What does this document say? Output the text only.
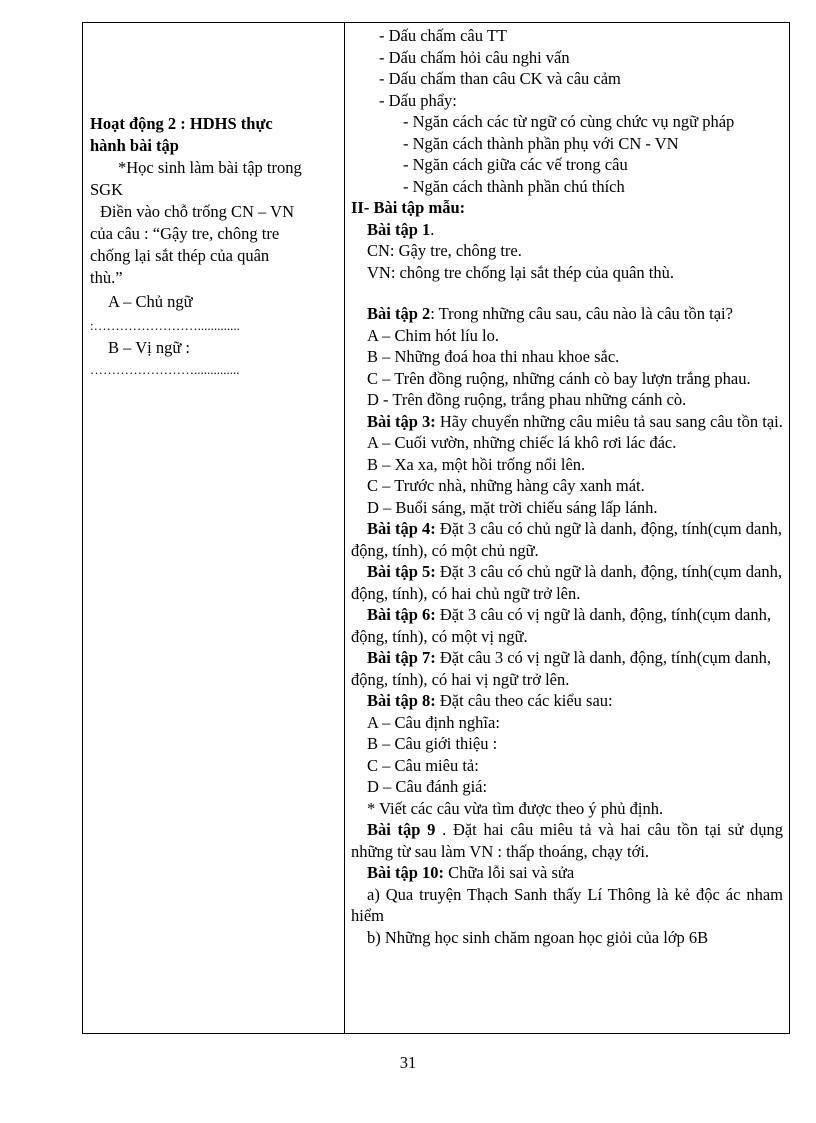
Hoạt động 2 : HDHS thực

hành bài tập

*Học sinh làm bài tập trong

SGK

Điền vào chỗ trống CN – VN

của câu : “Gậy tre, chông tre

chống lại sắt thép của quân

thù.”

A – Chủ ngữ

:…………………….............

B – Vị ngữ :

……………………..............

- Dấu chấm câu TT

- Dấu chấm hỏi câu nghi vấn

- Dấu chấm than câu CK và câu cảm

- Dấu phẩy:

- Ngăn cách các từ ngữ có cùng chức vụ ngữ pháp

- Ngăn cách thành phần phụ với CN - VN

- Ngăn cách giữa các vế trong câu

- Ngăn cách thành phần chú thích

II- Bài tập mẫu:

Bài tập 1.

CN: Gậy tre, chông tre.

VN: chông tre chống lại sắt thép của quân thù.

Bài tập 2: Trong những câu sau, câu nào là câu tồn tại?

A – Chim hót líu lo.

B – Những đoá hoa thi nhau khoe sắc.

C – Trên đồng ruộng, những cánh cò bay lượn trắng phau.

D - Trên đồng ruộng, trắng phau những cánh cò.

Bài tập 3: Hãy chuyển những câu miêu tả sau sang câu tồn tại.

A – Cuối vườn, những chiếc lá khô rơi lác đác.

B – Xa xa, một hồi trống nổi lên.

C – Trước nhà, những hàng cây xanh mát.

D – Buổi sáng, mặt trời chiếu sáng lấp lánh.

Bài tập 4: Đặt 3 câu có chủ ngữ là danh, động, tính(cụm danh, động, tính), có một chủ ngữ.

Bài tập 5: Đặt 3 câu có chủ ngữ là danh, động, tính(cụm danh, động, tính), có hai chủ ngữ trở lên.

Bài tập 6: Đặt 3 câu có vị ngữ là danh, động, tính(cụm danh, động, tính), có một vị ngữ.

Bài tập 7: Đặt câu 3 có vị ngữ là danh, động, tính(cụm danh, động, tính), có hai vị ngữ trở lên.

Bài tập 8: Đặt câu theo các kiểu sau:

A – Câu định nghĩa:

B – Câu giới thiệu :

C – Câu miêu tả:

D – Câu đánh giá:

* Viết các câu vừa tìm được theo ý phủ định.

Bài tập 9 . Đặt hai câu miêu tả và hai câu tồn tại sử dụng những từ sau làm VN : thấp thoáng, chạy tới.

Bài tập 10: Chữa lỗi sai và sửa

a) Qua truyện Thạch Sanh thấy Lí Thông là kẻ độc ác nham hiểm

b) Những học sinh chăm ngoan học giỏi của lớp 6B

31
